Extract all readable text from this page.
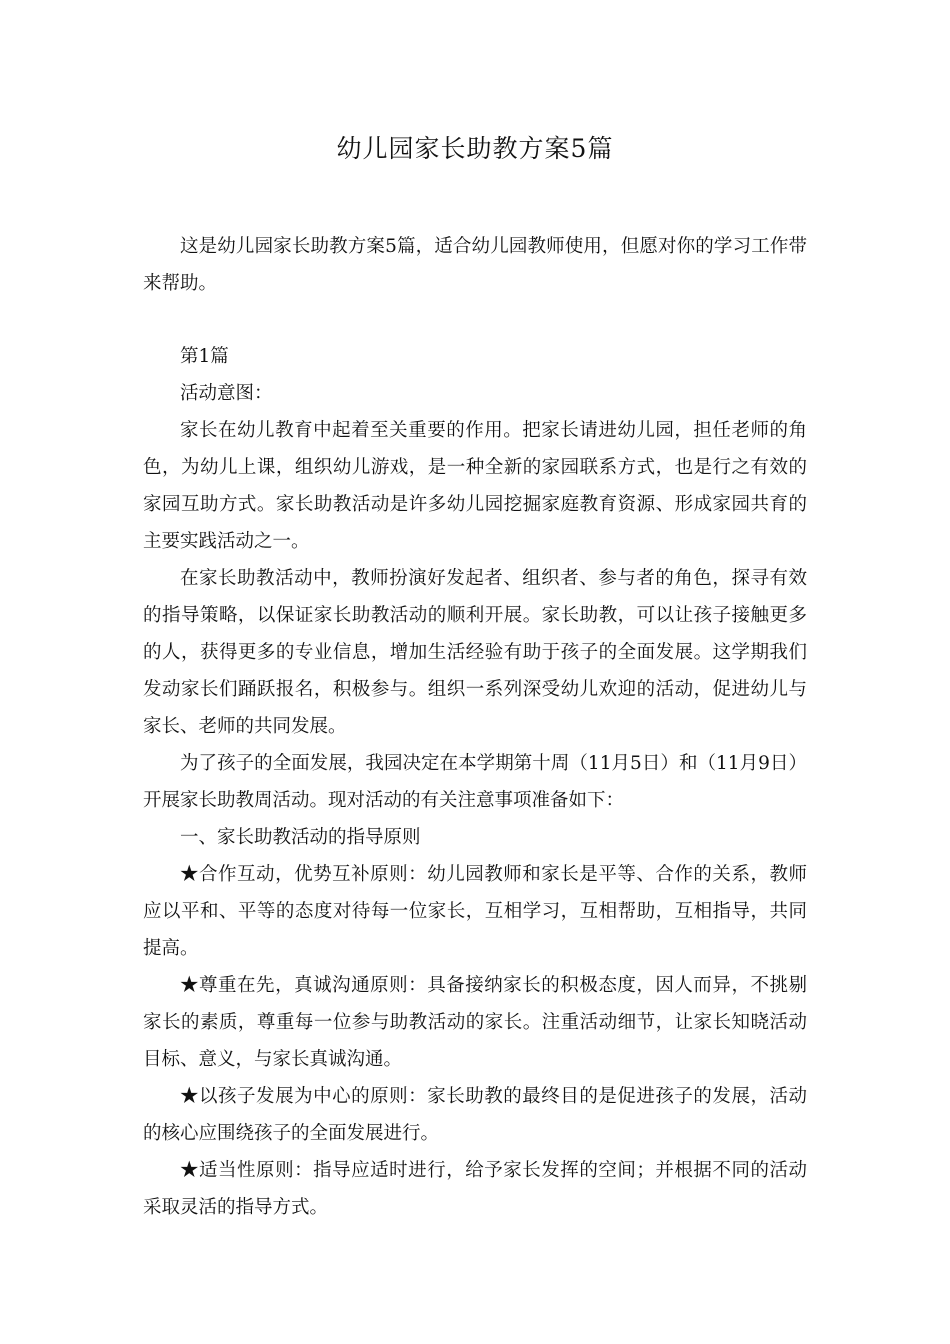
幼儿园家长助教方案5篇

这是幼儿园家长助教方案5篇，适合幼儿园教师使用，但愿对你的学习工作带来帮助。

第1篇

活动意图：

家长在幼儿教育中起着至关重要的作用。把家长请进幼儿园，担任老师的角色，为幼儿上课，组织幼儿游戏，是一种全新的家园联系方式，也是行之有效的家园互助方式。家长助教活动是许多幼儿园挖掘家庭教育资源、形成家园共育的主要实践活动之一。

在家长助教活动中，教师扮演好发起者、组织者、参与者的角色，探寻有效的指导策略，以保证家长助教活动的顺利开展。家长助教，可以让孩子接触更多的人，获得更多的专业信息，增加生活经验有助于孩子的全面发展。这学期我们发动家长们踊跃报名，积极参与。组织一系列深受幼儿欢迎的活动，促进幼儿与家长、老师的共同发展。

为了孩子的全面发展，我园决定在本学期第十周（11月5日）和（11月9日）开展家长助教周活动。现对活动的有关注意事项准备如下：

一、家长助教活动的指导原则

★合作互动，优势互补原则：幼儿园教师和家长是平等、合作的关系，教师应以平和、平等的态度对待每一位家长，互相学习，互相帮助，互相指导，共同提高。

★尊重在先，真诚沟通原则：具备接纳家长的积极态度，因人而异，不挑剔家长的素质，尊重每一位参与助教活动的家长。注重活动细节，让家长知晓活动目标、意义，与家长真诚沟通。

★以孩子发展为中心的原则：家长助教的最终目的是促进孩子的发展，活动的核心应围绕孩子的全面发展进行。

★适当性原则：指导应适时进行，给予家长发挥的空间；并根据不同的活动采取灵活的指导方式。
